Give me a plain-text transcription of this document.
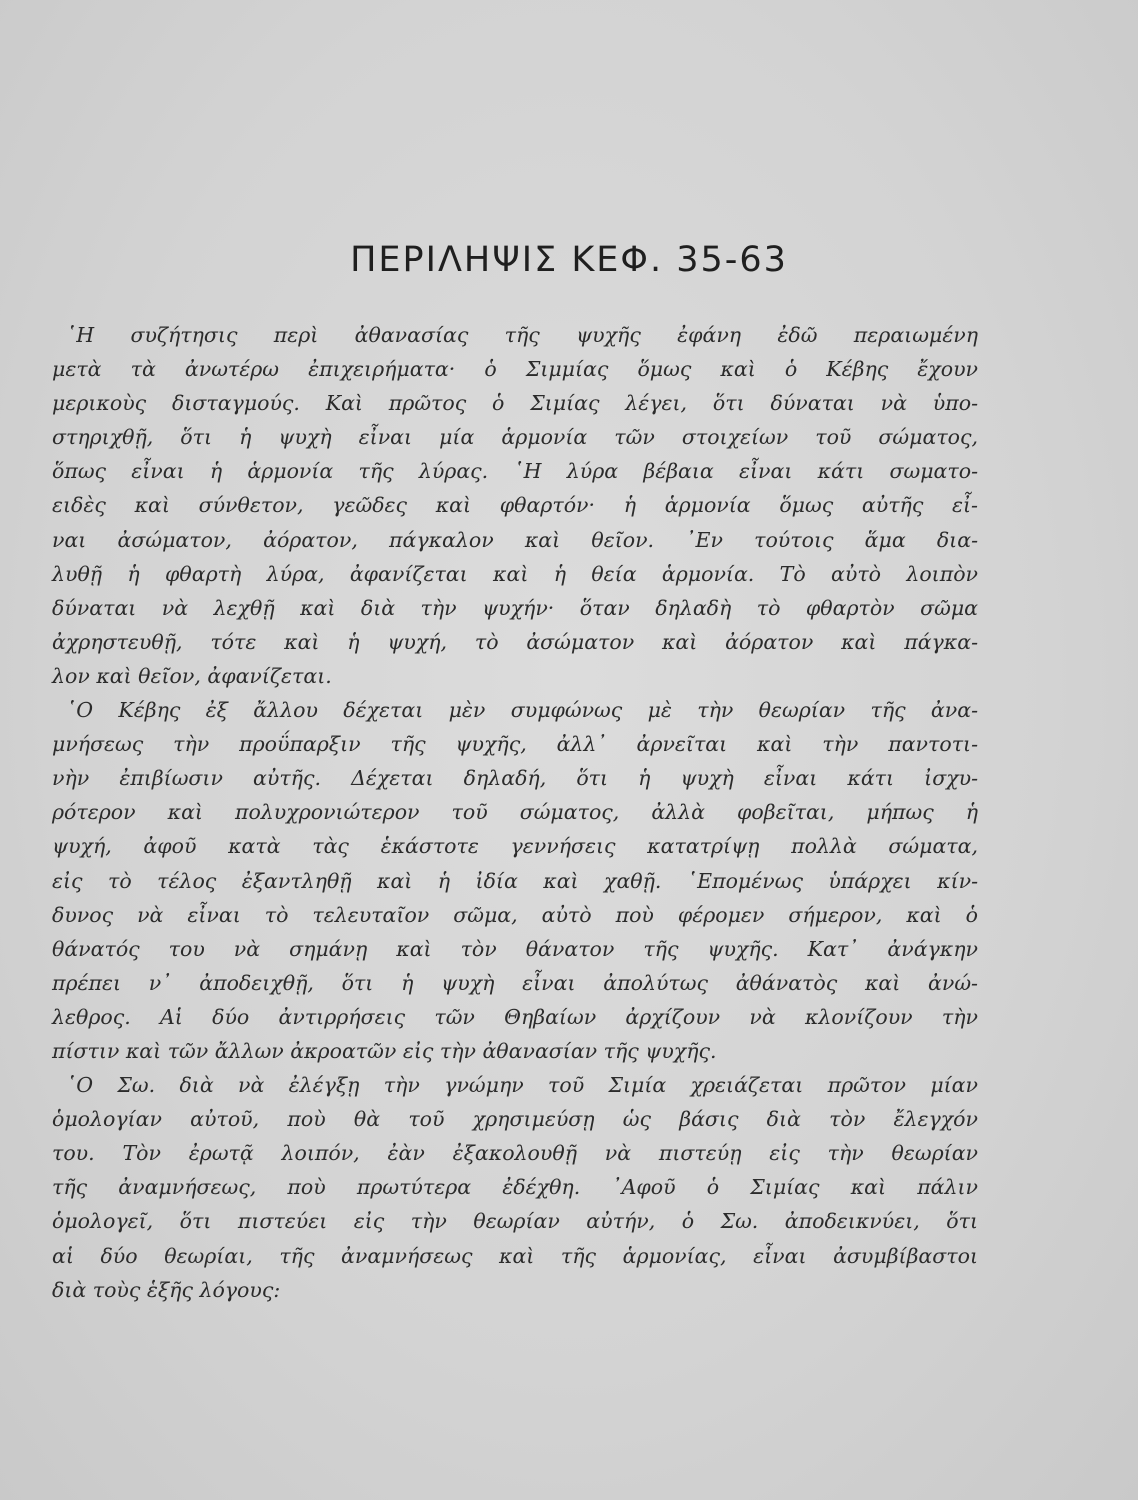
ΠΕΡΙΛΗΨΙΣ ΚΕΦ. 35-63
῾Η συζήτησις περὶ ἀθανασίας τῆς ψυχῆς ἐφάνη ἐδῶ περαιωμένη
μετὰ τὰ ἀνωτέρω ἐπιχειρήματα· ὁ Σιμμίας ὅμως καὶ ὁ Κέβης ἔχουν
μερικοὺς δισταγμούς. Καὶ πρῶτος ὁ Σιμίας λέγει, ὅτι δύναται νὰ ὑπο-
στηριχθῇ, ὅτι ἡ ψυχὴ εἶναι μία ἁρμονία τῶν στοιχείων τοῦ σώματος,
ὅπως εἶναι ἡ ἁρμονία τῆς λύρας. ῾Η λύρα βέβαια εἶναι κάτι σωματο-
ειδὲς καὶ σύνθετον, γεῶδες καὶ φθαρτόν· ἡ ἁρμονία ὅμως αὐτῆς εἶ-
ναι ἀσώματον, ἀόρατον, πάγκαλον καὶ θεῖον. ᾿Εν τούτοις ἅμα δια-
λυθῇ ἡ φθαρτὴ λύρα, ἀφανίζεται καὶ ἡ θεία ἁρμονία. Τὸ αὐτὸ λοιπὸν
δύναται νὰ λεχθῇ καὶ διὰ τὴν ψυχήν· ὅταν δηλαδὴ τὸ φθαρτὸν σῶμα
ἀχρηστευθῇ, τότε καὶ ἡ ψυχή, τὸ ἀσώματον καὶ ἀόρατον καὶ πάγκα-
λον καὶ θεῖον, ἀφανίζεται.
῾Ο Κέβης ἐξ ἄλλου δέχεται μὲν συμφώνως μὲ τὴν θεωρίαν τῆς ἀνα-
μνήσεως τὴν προΰπαρξιν τῆς ψυχῆς, ἀλλ᾿ ἀρνεῖται καὶ τὴν παντοτι-
νὴν ἐπιβίωσιν αὐτῆς. Δέχεται δηλαδή, ὅτι ἡ ψυχὴ εἶναι κάτι ἰσχυ-
ρότερον καὶ πολυχρονιώτερον τοῦ σώματος, ἀλλὰ φοβεῖται, μήπως ἡ
ψυχή, ἀφοῦ κατὰ τὰς ἑκάστοτε γεννήσεις κατατρίψῃ πολλὰ σώματα,
εἰς τὸ τέλος ἐξαντληθῇ καὶ ἡ ἰδία καὶ χαθῇ. ῾Επομένως ὑπάρχει κίν-
δυνος νὰ εἶναι τὸ τελευταῖον σῶμα, αὐτὸ ποὺ φέρομεν σήμερον, καὶ ὁ
θάνατός του νὰ σημάνῃ καὶ τὸν θάνατον τῆς ψυχῆς. Κατ᾿ ἀνάγκην
πρέπει ν᾿ ἀποδειχθῇ, ὅτι ἡ ψυχὴ εἶναι ἀπολύτως ἀθάνατὸς καὶ ἀνώ-
λεθρος. Αἱ δύο ἀντιρρήσεις τῶν Θηβαίων ἀρχίζουν νὰ κλονίζουν τὴν
πίστιν καὶ τῶν ἄλλων ἀκροατῶν εἰς τὴν ἀθανασίαν τῆς ψυχῆς.
῾Ο Σω. διὰ νὰ ἐλέγξῃ τὴν γνώμην τοῦ Σιμία χρειάζεται πρῶτον μίαν
ὁμολογίαν αὐτοῦ, ποὺ θὰ τοῦ χρησιμεύσῃ ὡς βάσις διὰ τὸν ἔλεγχόν
του. Τὸν ἐρωτᾷ λοιπόν, ἐὰν ἐξακολουθῇ νὰ πιστεύῃ εἰς τὴν θεωρίαν
τῆς ἀναμνήσεως, ποὺ πρωτύτερα ἐδέχθη. ᾿Αφοῦ ὁ Σιμίας καὶ πάλιν
ὁμολογεῖ, ὅτι πιστεύει εἰς τὴν θεωρίαν αὐτήν, ὁ Σω. ἀποδεικνύει, ὅτι
αἱ δύο θεωρίαι, τῆς ἀναμνήσεως καὶ τῆς ἁρμονίας, εἶναι ἀσυμβίβαστοι
διὰ τοὺς ἑξῆς λόγους:
